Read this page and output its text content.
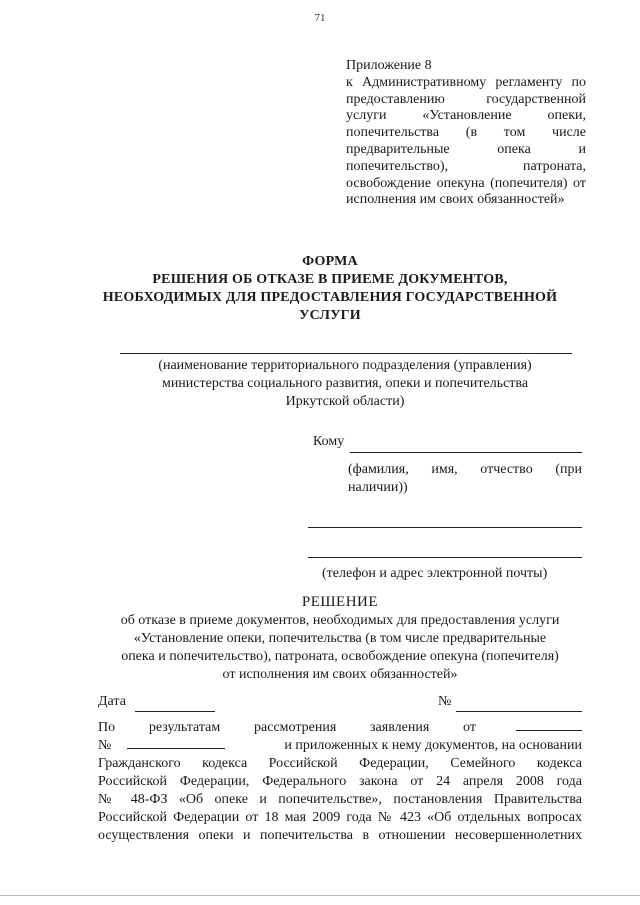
71
Приложение 8
к Административному регламенту по предоставлению государственной услуги «Установление опеки, попечительства (в том числе предварительные опека и попечительство), патроната, освобождение опекуна (попечителя) от исполнения им своих обязанностей»
ФОРМА
РЕШЕНИЯ ОБ ОТКАЗЕ В ПРИЕМЕ ДОКУМЕНТОВ,
НЕОБХОДИМЫХ ДЛЯ ПРЕДОСТАВЛЕНИЯ ГОСУДАРСТВЕННОЙ
УСЛУГИ
(наименование территориального подразделения (управления)
министерства социального развития, опеки и попечительства
Иркутской области)
Кому
(фамилия, имя, отчество (при
наличии))
(телефон и адрес электронной почты)
РЕШЕНИЕ
об отказе в приеме документов, необходимых для предоставления услуги
«Установление опеки, попечительства (в том числе предварительные
опека и попечительство), патроната, освобождение опекуна (попечителя)
от исполнения им своих обязанностей»
Дата	№
По результатам рассмотрения заявления от
№	и приложенных к нему документов, на основании
Гражданского кодекса Российской Федерации, Семейного кодекса
Российской Федерации, Федерального закона от 24 апреля 2008 года
№ 48-ФЗ «Об опеке и попечительстве», постановления Правительства
Российской Федерации от 18 мая 2009 года № 423 «Об отдельных вопросах
осуществления опеки и попечительства в отношении несовершеннолетних
